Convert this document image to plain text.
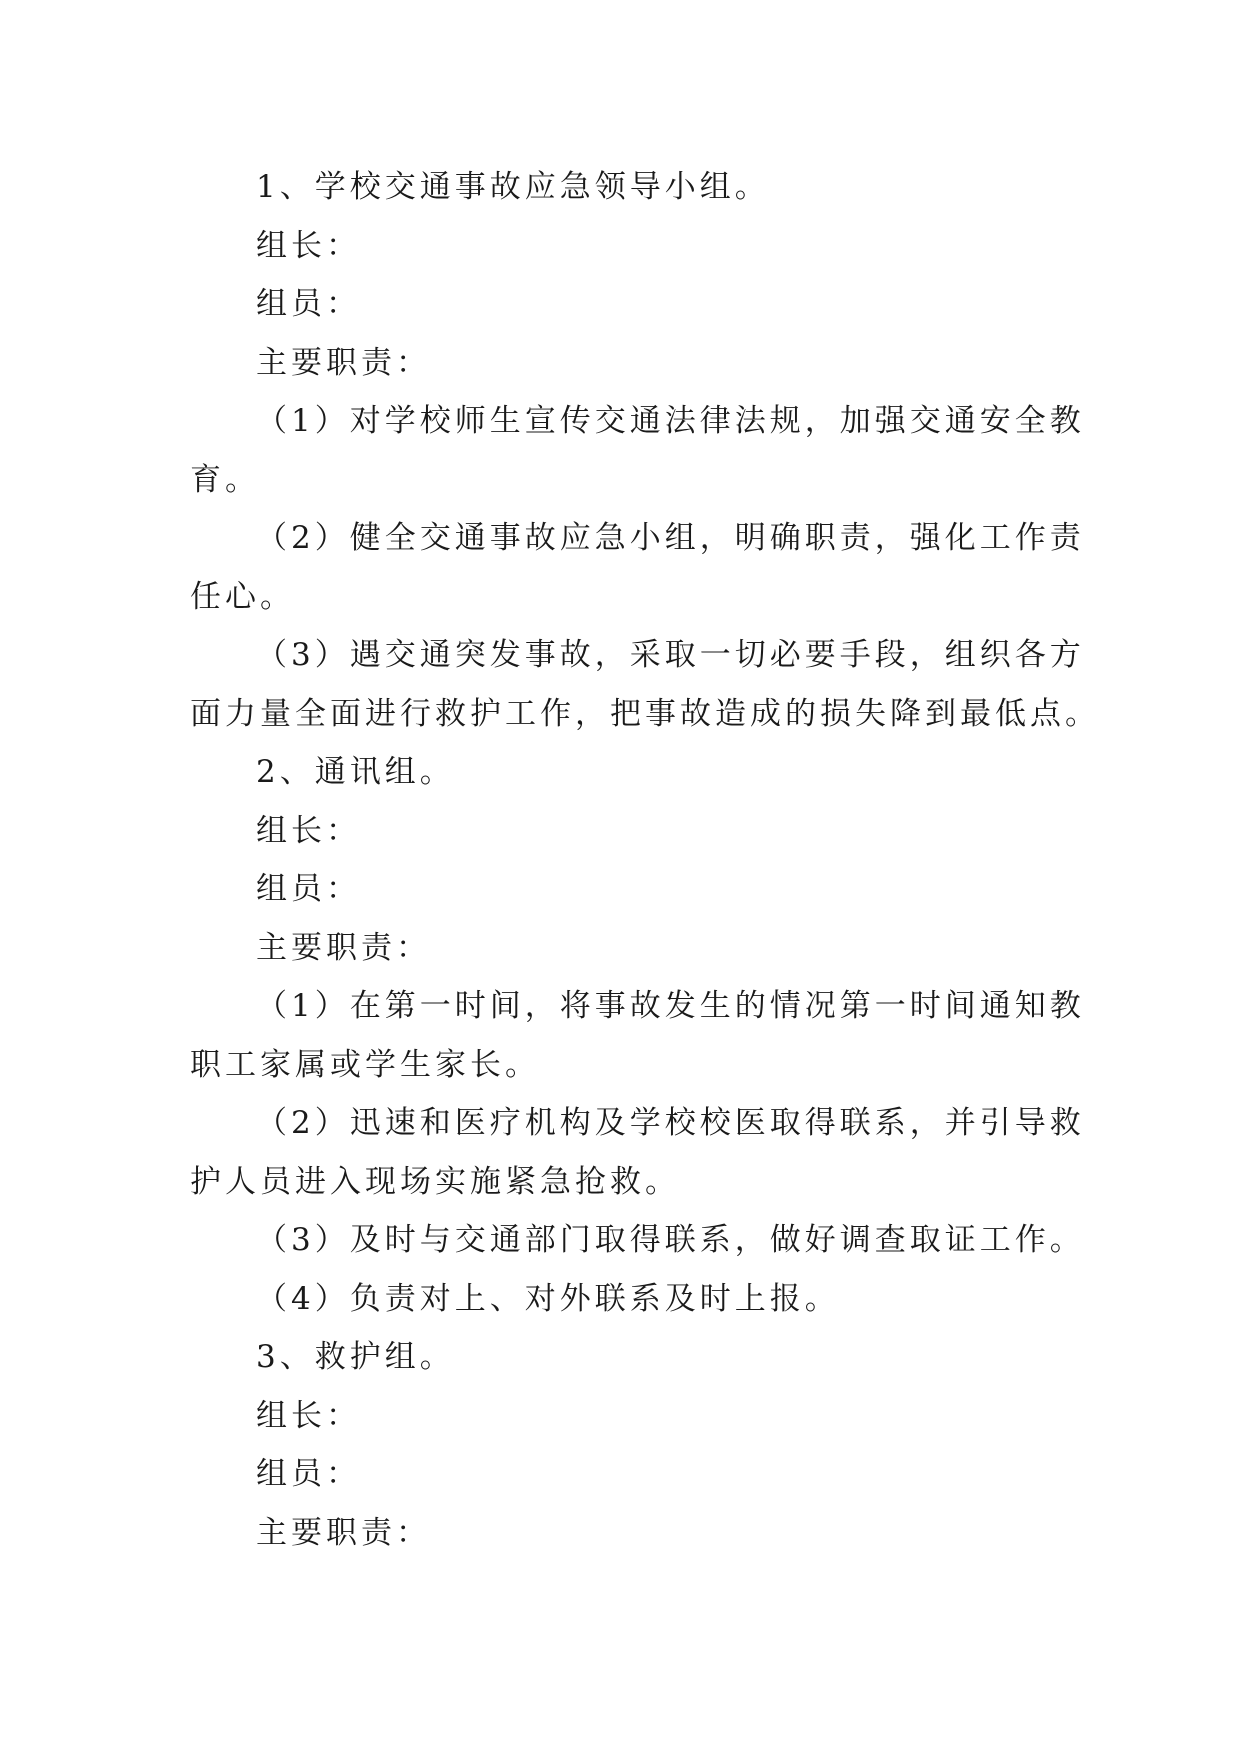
1、学校交通事故应急领导小组。
组长：
组员：
主要职责：
（1）对学校师生宣传交通法律法规，加强交通安全教
育。
（2）健全交通事故应急小组，明确职责，强化工作责
任心。
（3）遇交通突发事故，采取一切必要手段，组织各方
面力量全面进行救护工作，把事故造成的损失降到最低点。
2、通讯组。
组长：
组员：
主要职责：
（1）在第一时间，将事故发生的情况第一时间通知教
职工家属或学生家长。
（2）迅速和医疗机构及学校校医取得联系，并引导救
护人员进入现场实施紧急抢救。
（3）及时与交通部门取得联系，做好调查取证工作。
（4）负责对上、对外联系及时上报。
3、救护组。
组长：
组员：
主要职责：
